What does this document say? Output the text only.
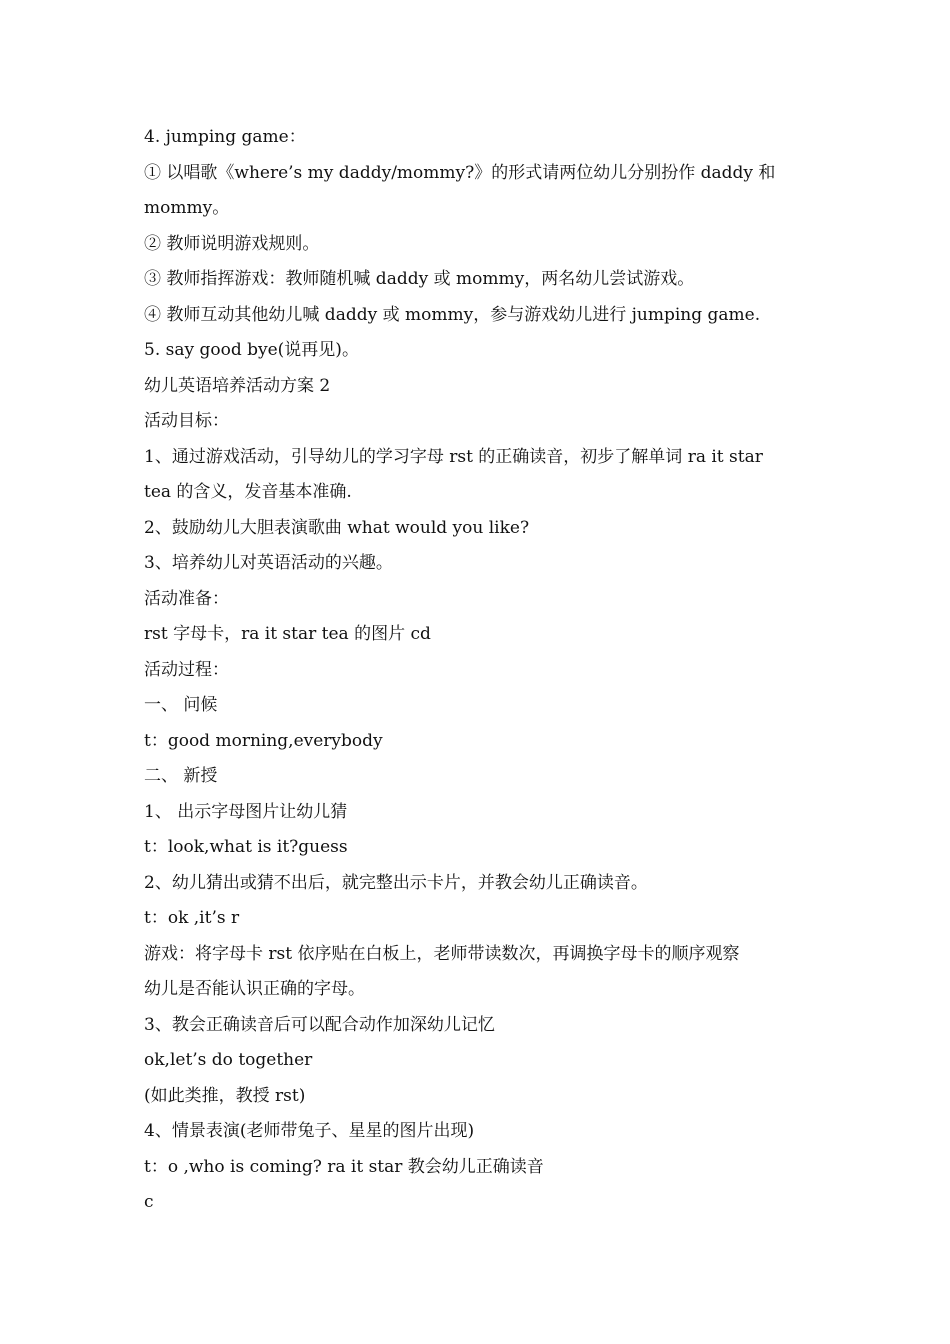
4. jumping game：
① 以唱歌《where’s my daddy/mommy?》的形式请两位幼儿分别扮作 daddy 和
mommy。
② 教师说明游戏规则。
③ 教师指挥游戏：教师随机喊 daddy 或 mommy，两名幼儿尝试游戏。
④ 教师互动其他幼儿喊 daddy 或 mommy，参与游戏幼儿进行 jumping game.
5. say good bye(说再见)。
幼儿英语培养活动方案 2
活动目标：
1、通过游戏活动，引导幼儿的学习字母 rst 的正确读音，初步了解单词 ra it star
tea 的含义，发音基本准确.
2、鼓励幼儿大胆表演歌曲 what would you like?
3、培养幼儿对英语活动的兴趣。
活动准备：
rst 字母卡，ra it star tea 的图片 cd
活动过程：
一、 问候
t：good morning,everybody
二、 新授
1、 出示字母图片让幼儿猜
t：look,what is it?guess
2、幼儿猜出或猜不出后，就完整出示卡片，并教会幼儿正确读音。
t：ok ,it’s r
游戏：将字母卡 rst 依序贴在白板上，老师带读数次，再调换字母卡的顺序观察
幼儿是否能认识正确的字母。
3、教会正确读音后可以配合动作加深幼儿记忆
ok,let’s do together
(如此类推，教授 rst)
4、情景表演(老师带兔子、星星的图片出现)
t：o ,who is coming? ra it star 教会幼儿正确读音
c
